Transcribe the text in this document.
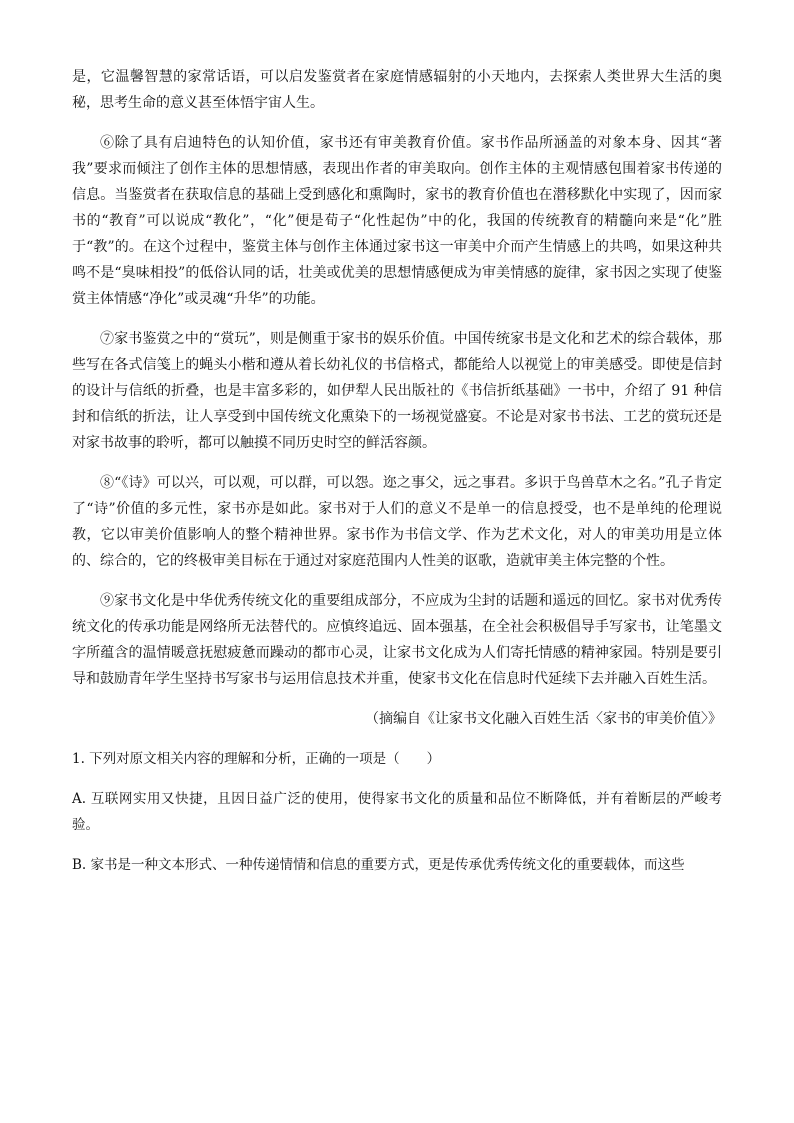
是，它温馨智慧的家常话语，可以启发鉴赏者在家庭情感辐射的小天地内，去探索人类世界大生活的奥秘，思考生命的意义甚至体悟宇宙人生。

⑥除了具有启迪特色的认知价值，家书还有审美教育价值。家书作品所涵盖的对象本身、因其“著我”要求而倾注了创作主体的思想情感，表现出作者的审美取向。创作主体的主观情感包围着家书传递的信息。当鉴赏者在获取信息的基础上受到感化和熏陶时，家书的教育价值也在潜移默化中实现了，因而家书的“教育”可以说成“教化”，“化”便是荀子“化性起伪”中的化，我国的传统教育的精髓向来是“化”胜于“教”的。在这个过程中，鉴赏主体与创作主体通过家书这一审美中介而产生情感上的共鸣，如果这种共鸣不是“臭味相投”的低俗认同的话，壮美或优美的思想情感便成为审美情感的旋律，家书因之实现了使鉴赏主体情感“净化”或灵魂“升华”的功能。

⑦家书鉴赏之中的“赏玩”，则是侧重于家书的娱乐价值。中国传统家书是文化和艺术的综合载体，那些写在各式信笺上的蝇头小楷和遵从着长幼礼仪的书信格式，都能给人以视觉上的审美感受。即使是信封的设计与信纸的折叠，也是丰富多彩的，如伊犁人民出版社的《书信折纸基础》一书中，介绍了 91 种信封和信纸的折法，让人享受到中国传统文化熏染下的一场视觉盛宴。不论是对家书书法、工艺的赏玩还是对家书故事的聆听，都可以触摸不同历史时空的鲜活容颜。

⑧“《诗》可以兴，可以观，可以群，可以怨。迩之事父，远之事君。多识于鸟兽草木之名。”孔子肯定了“诗”价值的多元性，家书亦是如此。家书对于人们的意义不是单一的信息授受，也不是单纯的伦理说教，它以审美价值影响人的整个精神世界。家书作为书信文学、作为艺术文化，对人的审美功用是立体的、综合的，它的终极审美目标在于通过对家庭范围内人性美的讴歌，造就审美主体完整的个性。

⑨家书文化是中华优秀传统文化的重要组成部分，不应成为尘封的话题和遥远的回忆。家书对优秀传统文化的传承功能是网络所无法替代的。应慎终追远、固本强基，在全社会积极倡导手写家书，让笔墨文字所蕴含的温情暖意抚慰疲惫而躁动的都市心灵，让家书文化成为人们寄托情感的精神家园。特别是要引导和鼓励青年学生坚持书写家书与运用信息技术并重，使家书文化在信息时代延续下去并融入百姓生活。

（摘编自《让家书文化融入百姓生活〈家书的审美价值〉》

1. 下列对原文相关内容的理解和分析，正确的一项是（　　）

A. 互联网实用又快捷，且因日益广泛的使用，使得家书文化的质量和品位不断降低，并有着断层的严峻考验。

B. 家书是一种文本形式、一种传递情情和信息的重要方式，更是传承优秀传统文化的重要载体，而这些
